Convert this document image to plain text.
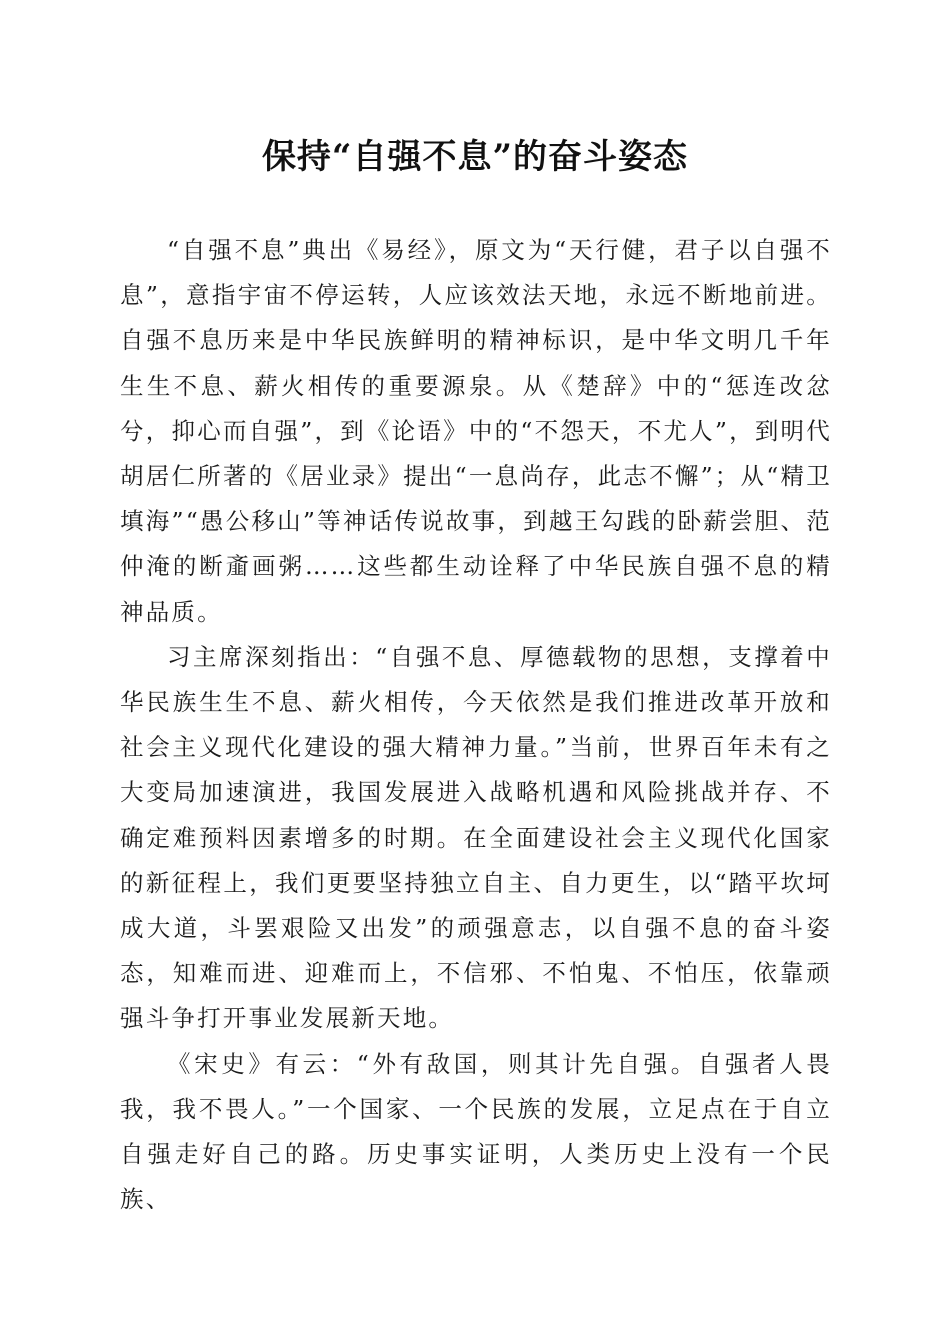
保持“自强不息”的奋斗姿态

“自强不息”典出《易经》，原文为“天行健，君子以自强不息”，意指宇宙不停运转，人应该效法天地，永远不断地前进。自强不息历来是中华民族鲜明的精神标识，是中华文明几千年生生不息、薪火相传的重要源泉。从《楚辞》中的“惩连改忿兮，抑心而自强”，到《论语》中的“不怨天，不尤人”，到明代胡居仁所著的《居业录》提出“一息尚存，此志不懈”；从“精卫填海”“愚公移山”等神话传说故事，到越王勾践的卧薪尝胆、范仲淹的断齑画粥……这些都生动诠释了中华民族自强不息的精神品质。

习主席深刻指出：“自强不息、厚德载物的思想，支撑着中华民族生生不息、薪火相传，今天依然是我们推进改革开放和社会主义现代化建设的强大精神力量。”当前，世界百年未有之大变局加速演进，我国发展进入战略机遇和风险挑战并存、不确定难预料因素增多的时期。在全面建设社会主义现代化国家的新征程上，我们更要坚持独立自主、自力更生，以“踏平坎坷成大道，斗罢艰险又出发”的顽强意志，以自强不息的奋斗姿态，知难而进、迎难而上，不信邪、不怕鬼、不怕压，依靠顽强斗争打开事业发展新天地。

《宋史》有云：“外有敌国，则其计先自强。自强者人畏我，我不畏人。”一个国家、一个民族的发展，立足点在于自立自强走好自己的路。历史事实证明，人类历史上没有一个民族、
